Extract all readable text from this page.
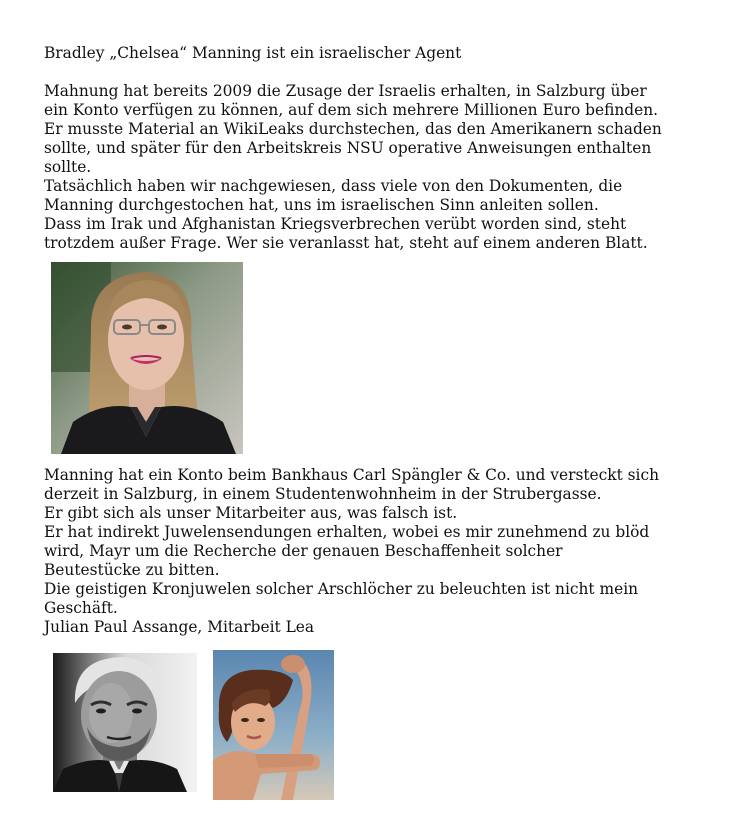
Bradley „Chelsea“ Manning ist ein israelischer Agent
Mahnung hat bereits 2009 die Zusage der Israelis erhalten, in Salzburg über
ein Konto verfügen zu können, auf dem sich mehrere Millionen Euro befinden.
Er musste Material an WikiLeaks durchstechen, das den Amerikanern schaden
sollte, und später für den Arbeitskreis NSU operative Anweisungen enthalten
sollte.
Tatsächlich haben wir nachgewiesen, dass viele von den Dokumenten, die
Manning durchgestochen hat, uns im israelischen Sinn anleiten sollen.
Dass im Irak und Afghanistan Kriegsverbrechen verübt worden sind, steht
trotzdem außer Frage. Wer sie veranlasst hat, steht auf einem anderen Blatt.
Manning hat ein Konto beim Bankhaus Carl Spängler & Co. und versteckt sich
derzeit in Salzburg, in einem Studentenwohnheim in der Strubergasse.
Er gibt sich als unser Mitarbeiter aus, was falsch ist.
Er hat indirekt Juwelensendungen erhalten, wobei es mir zunehmend zu blöd
wird, Mayr um die Recherche der genauen Beschaffenheit solcher
Beutestücke zu bitten.
Die geistigen Kronjuwelen solcher Arschlöcher zu beleuchten ist nicht mein
Geschäft.
Julian Paul Assange, Mitarbeit Lea
